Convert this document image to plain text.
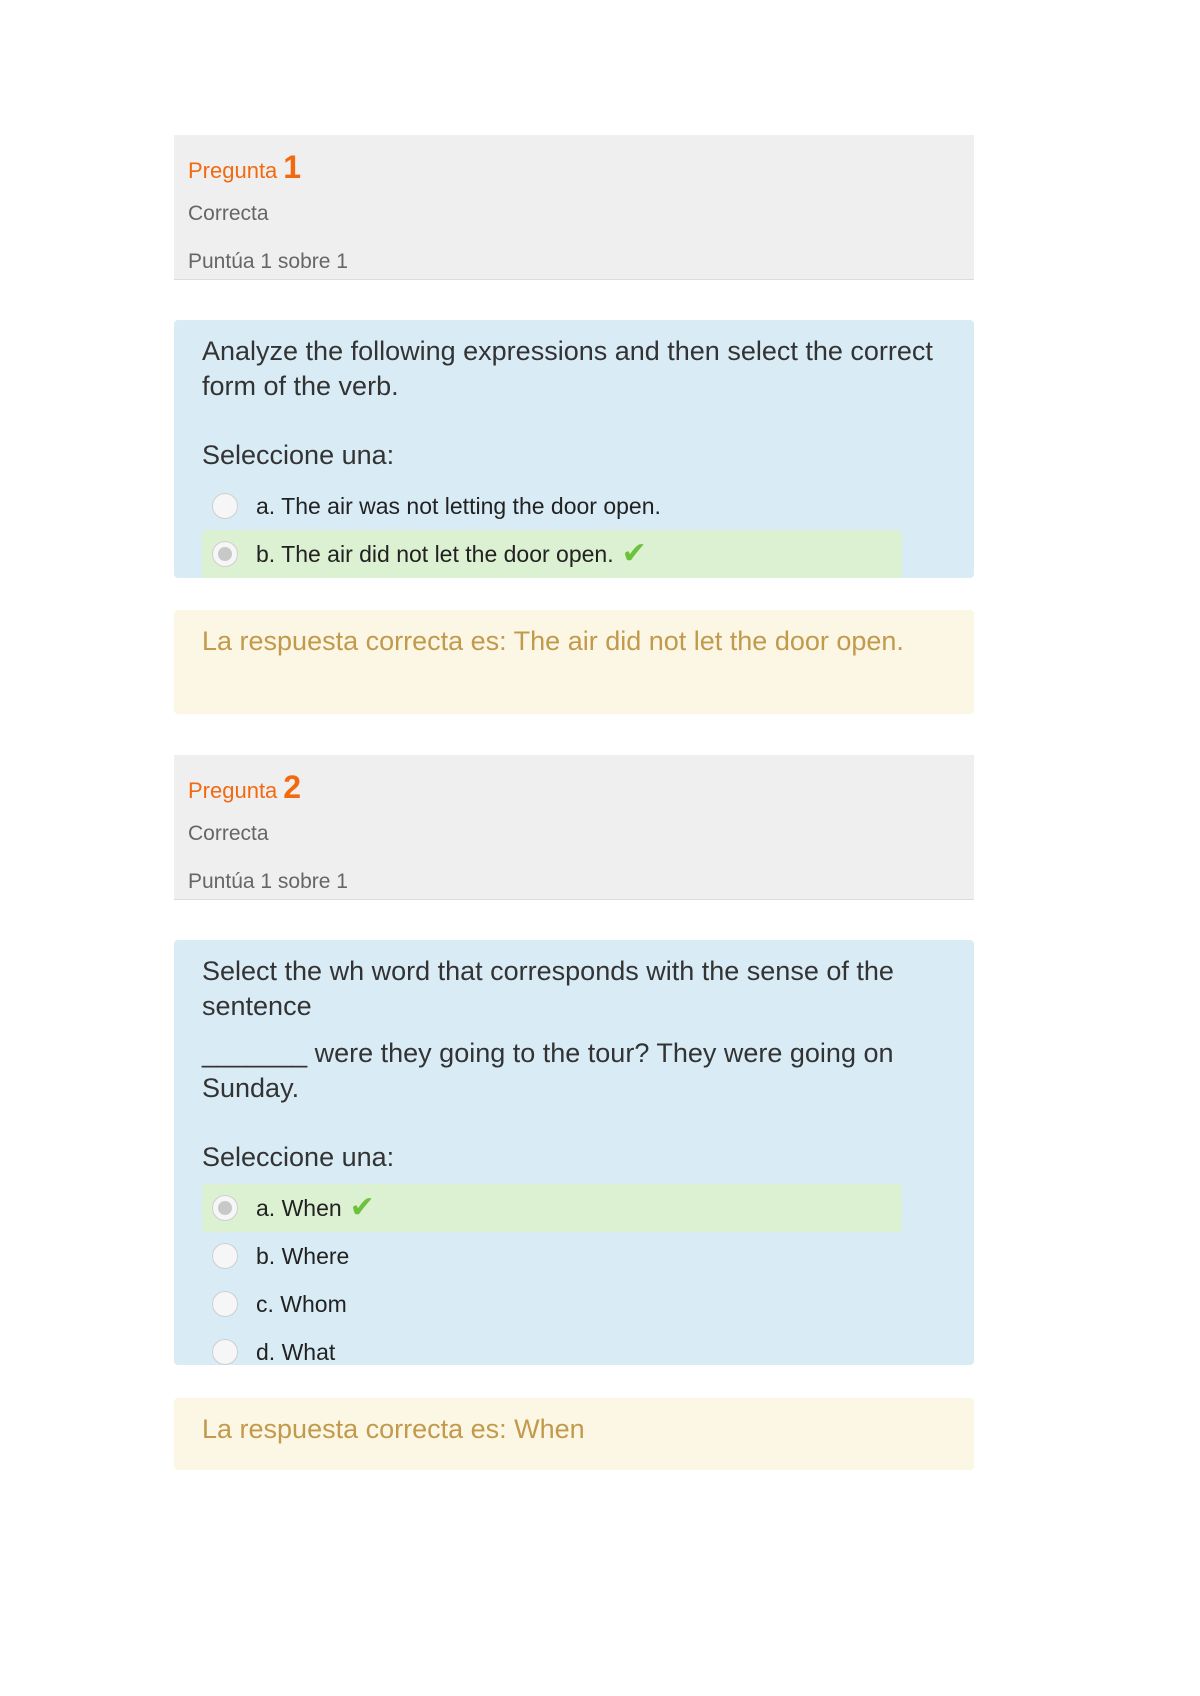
Pregunta 1
Correcta
Puntúa 1 sobre 1

Analyze the following expressions and then select the correct form of the verb.

Seleccione una:
a. The air was not letting the door open.
b. The air did not let the door open. ✔
La respuesta correcta es: The air did not let the door open.
Pregunta 2
Correcta
Puntúa 1 sobre 1

Select the wh word that corresponds with the sense of the sentence

_______ were they going to the tour? They were going on Sunday.

Seleccione una:
a. When ✔
b. Where
c. Whom
d. What
La respuesta correcta es: When
